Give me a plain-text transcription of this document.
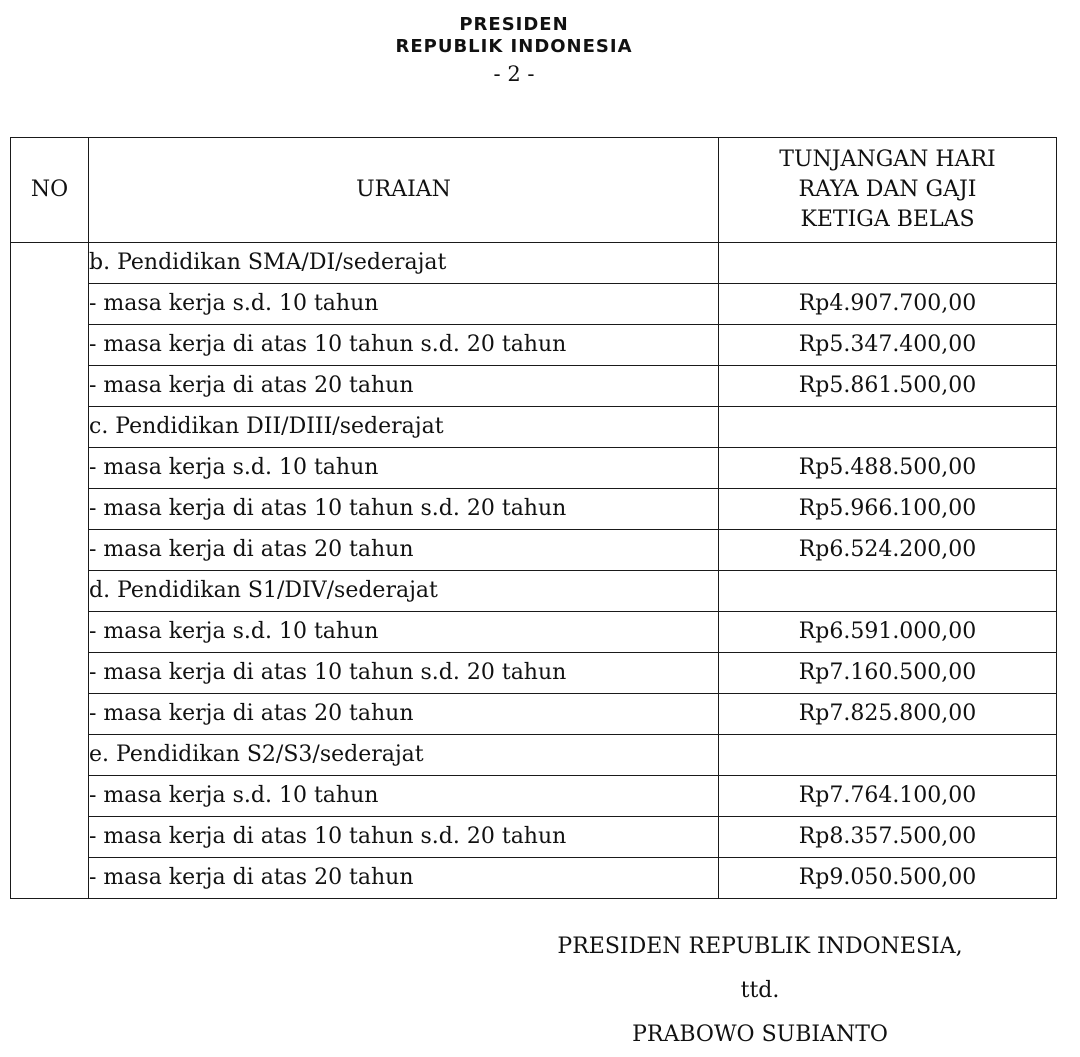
PRESIDEN
REPUBLIK INDONESIA
- 2 -
NO	URAIAN	TUNJANGAN HARI
RAYA DAN GAJI
KETIGA BELAS

	b. Pendidikan SMA/DI/sederajat	
	- masa kerja s.d. 10 tahun	Rp4.907.700,00
	- masa kerja di atas 10 tahun s.d. 20 tahun	Rp5.347.400,00
	- masa kerja di atas 20 tahun	Rp5.861.500,00
	c. Pendidikan DII/DIII/sederajat	
	- masa kerja s.d. 10 tahun	Rp5.488.500,00
	- masa kerja di atas 10 tahun s.d. 20 tahun	Rp5.966.100,00
	- masa kerja di atas 20 tahun	Rp6.524.200,00
	d. Pendidikan S1/DIV/sederajat	
	- masa kerja s.d. 10 tahun	Rp6.591.000,00
	- masa kerja di atas 10 tahun s.d. 20 tahun	Rp7.160.500,00
	- masa kerja di atas 20 tahun	Rp7.825.800,00
	e. Pendidikan S2/S3/sederajat	
	- masa kerja s.d. 10 tahun	Rp7.764.100,00
	- masa kerja di atas 10 tahun s.d. 20 tahun	Rp8.357.500,00
	- masa kerja di atas 20 tahun	Rp9.050.500,00
PRESIDEN REPUBLIK INDONESIA,
ttd.
PRABOWO SUBIANTO
